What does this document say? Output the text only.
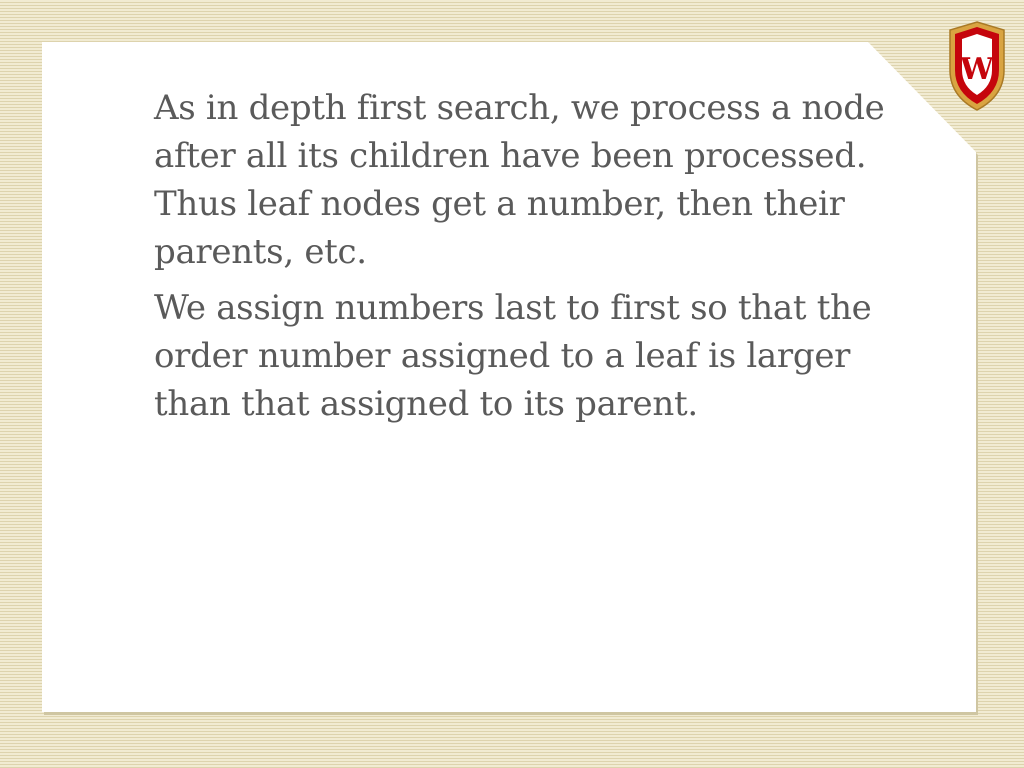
As in depth first search, we process a node after all its children have been processed. Thus leaf nodes get a number, then their parents, etc.

We assign numbers last to first so that the order number assigned to a leaf is larger than that assigned to its parent.

W
